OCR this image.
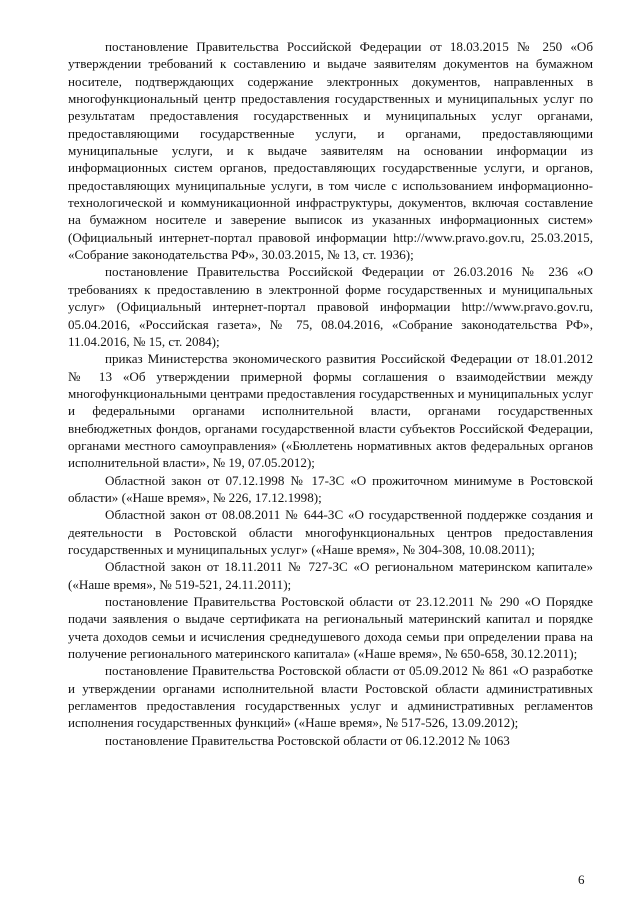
постановление Правительства Российской Федерации от 18.03.2015 № 250 «Об утверждении требований к составлению и выдаче заявителям документов на бумажном носителе, подтверждающих содержание электронных документов, направленных в многофункциональный центр предоставления государственных и муниципальных услуг по результатам предоставления государственных и муниципальных услуг органами, предоставляющими государственные услуги, и органами, предоставляющими муниципальные услуги, и к выдаче заявителям на основании информации из информационных систем органов, предоставляющих государственные услуги, и органов, предоставляющих муниципальные услуги, в том числе с использованием информационно-технологической и коммуникационной инфраструктуры, документов, включая составление на бумажном носителе и заверение выписок из указанных информационных систем» (Официальный интернет-портал правовой информации http://www.pravo.gov.ru, 25.03.2015, «Собрание законодательства РФ», 30.03.2015, № 13, ст. 1936);

постановление Правительства Российской Федерации от 26.03.2016 № 236 «О требованиях к предоставлению в электронной форме государственных и муниципальных услуг» (Официальный интернет-портал правовой информации http://www.pravo.gov.ru, 05.04.2016, «Российская газета», № 75, 08.04.2016, «Собрание законодательства РФ», 11.04.2016, № 15, ст. 2084);

приказ Министерства экономического развития Российской Федерации от 18.01.2012 № 13 «Об утверждении примерной формы соглашения о взаимодействии между многофункциональными центрами предоставления государственных и муниципальных услуг и федеральными органами исполнительной власти, органами государственных внебюджетных фондов, органами государственной власти субъектов Российской Федерации, органами местного самоуправления» («Бюллетень нормативных актов федеральных органов исполнительной власти», № 19, 07.05.2012);

Областной закон от 07.12.1998 № 17-ЗС «О прожиточном минимуме в Ростовской области» («Наше время», № 226, 17.12.1998);

Областной закон от 08.08.2011 № 644-ЗС «О государственной поддержке создания и деятельности в Ростовской области многофункциональных центров предоставления государственных и муниципальных услуг» («Наше время», № 304-308, 10.08.2011);

Областной закон от 18.11.2011 № 727-ЗС «О региональном материнском капитале» («Наше время», № 519-521, 24.11.2011);

постановление Правительства Ростовской области от 23.12.2011 № 290 «О Порядке подачи заявления о выдаче сертификата на региональный материнский капитал и порядке учета доходов семьи и исчисления среднедушевого дохода семьи при определении права на получение регионального материнского капитала» («Наше время», № 650-658, 30.12.2011);

постановление Правительства Ростовской области от 05.09.2012 № 861 «О разработке и утверждении органами исполнительной власти Ростовской области административных регламентов предоставления государственных услуг и административных регламентов исполнения государственных функций» («Наше время», № 517-526, 13.09.2012);

постановление Правительства Ростовской области от 06.12.2012 № 1063

6
